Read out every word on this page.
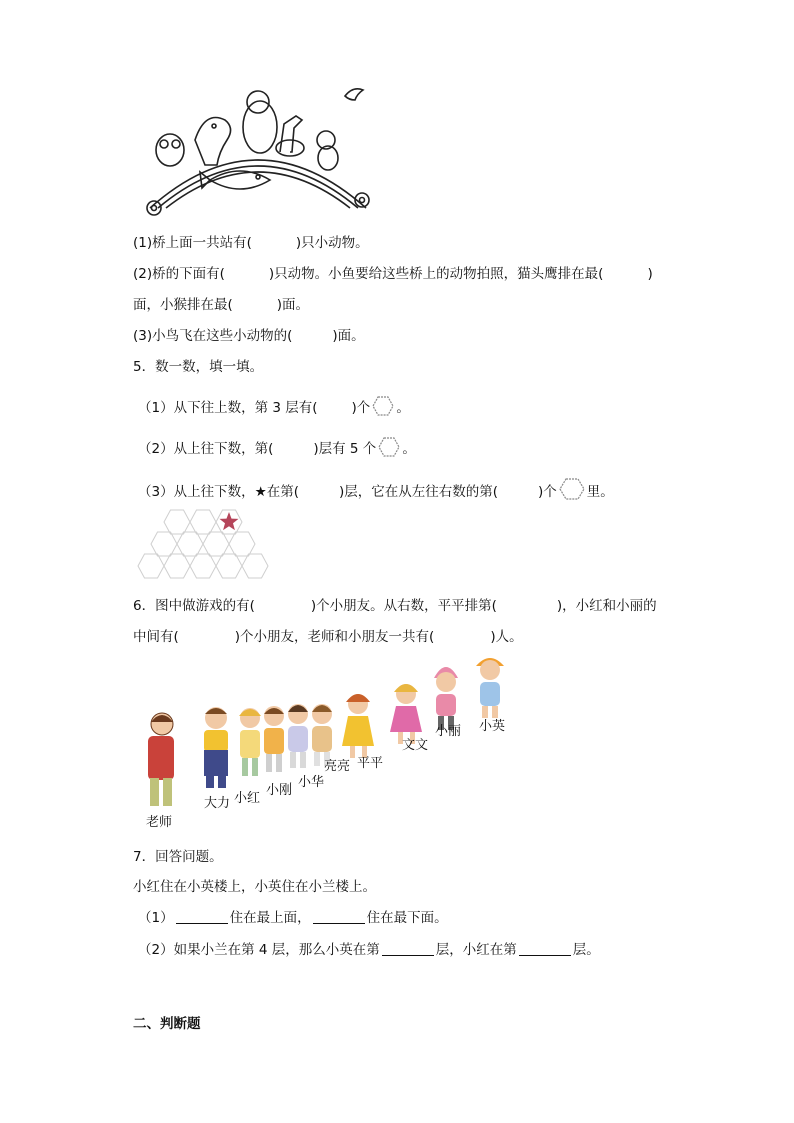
(1)桥上面一共站有(	)只小动物。
(2)桥的下面有(	)只动物。小鱼要给这些桥上的动物拍照，猫头鹰排在最(	)
面，小猴排在最(	)面。
(3)小鸟飞在这些小动物的(	)面。
5．数一数，填一填。
（1）从下往上数，第 3 层有(	)个 。
（2）从上往下数，第(	)层有 5 个 。
（3）从上往下数，★在第(	)层，它在从左往右数的第(	)个 里。
6．图中做游戏的有(	)个小朋友。从右数，平平排第(	)，小红和小丽的
中间有(	)个小朋友，老师和小朋友一共有(	)人。
老师
大力 小红
小刚
小华
亮亮 平平
文文
小丽 小英
7．回答问题。
小红住在小英楼上，小英住在小兰楼上。
（1）	住在最上面，	住在最下面。
（2）如果小兰在第 4 层，那么小英在第	层，小红在第	层。
二、判断题
